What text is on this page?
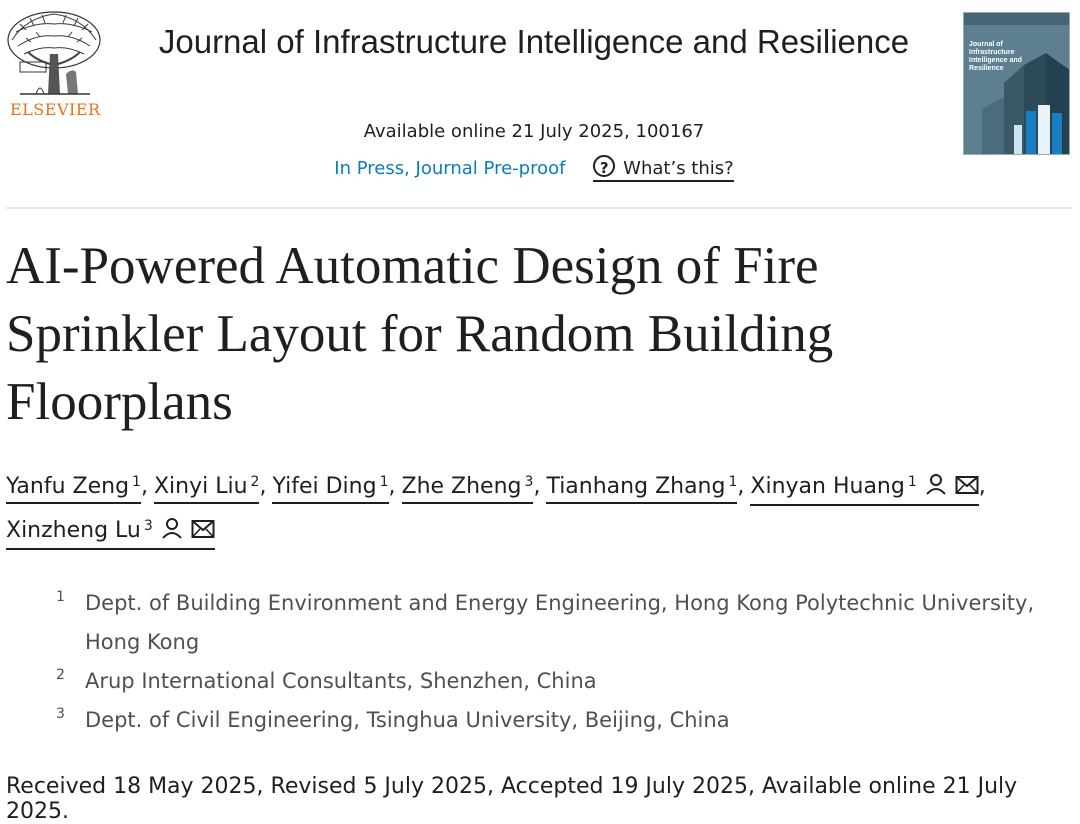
ELSEVIER
Journal of Infrastructure Intelligence and Resilience
Available online 21 July 2025, 100167
In Press, Journal Pre-proof ? What’s this?
Journal of Infrastructure Intelligence and Resilience
AI-Powered Automatic Design of Fire Sprinkler Layout for Random Building Floorplans
Yanfu Zeng $^1$, Xinyi Liu $^2$, Yifei Ding $^1$, Zhe Zheng $^3$, Tianhang Zhang $^1$, Xinyan Huang $^1$	,Xinzheng Lu $^3$
1 Dept. of Building Environment and Energy Engineering, Hong Kong Polytechnic University, Hong Kong
2 Arup International Consultants, Shenzhen, China
3 Dept. of Civil Engineering, Tsinghua University, Beijing, China
Received 18 May 2025, Revised 5 July 2025, Accepted 19 July 2025, Available online 21 July 2025.
